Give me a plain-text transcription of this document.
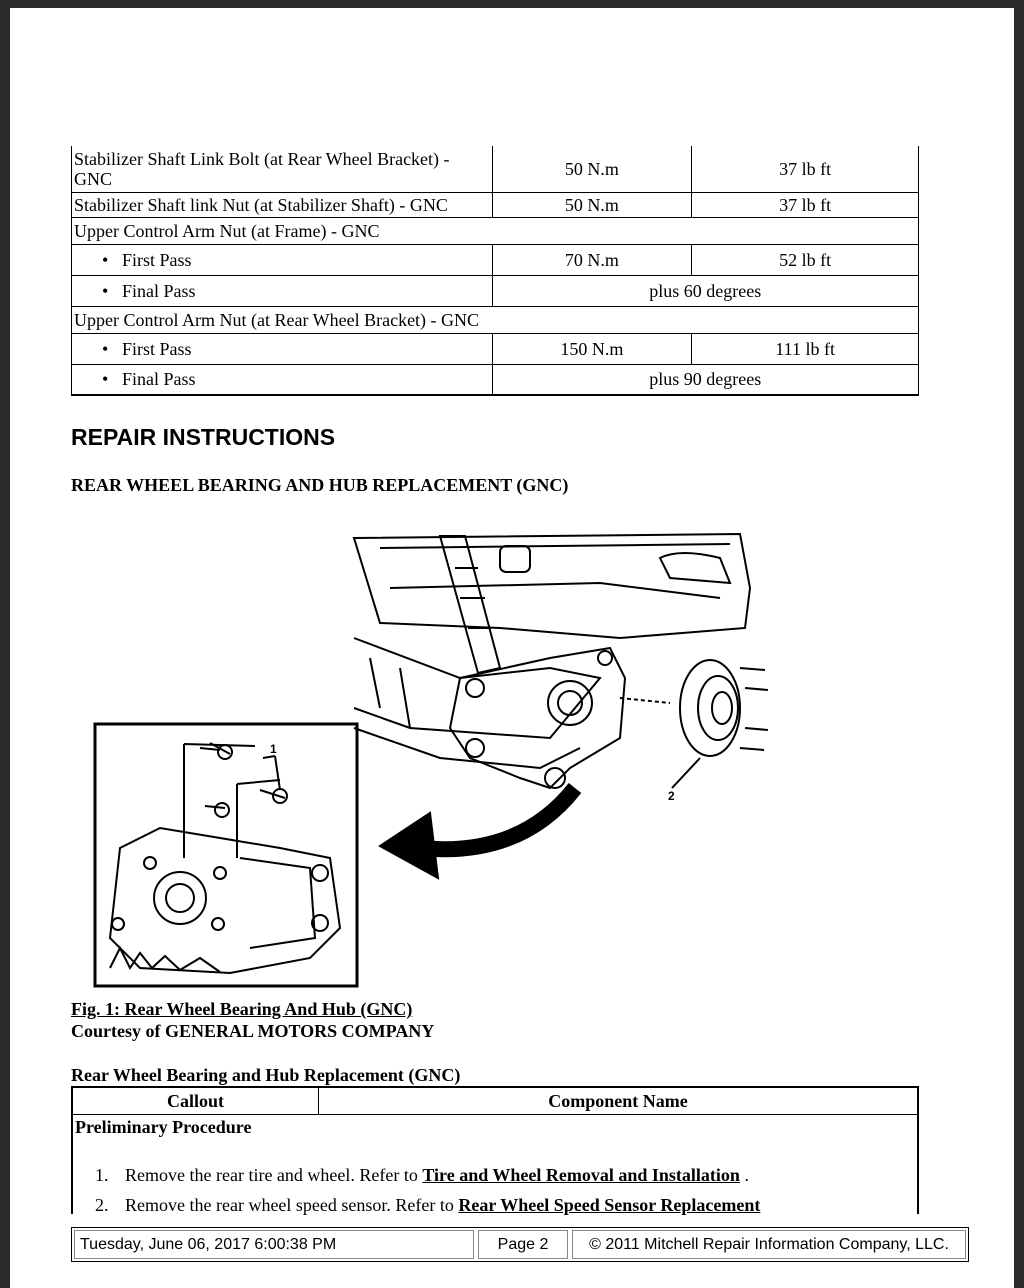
Stabilizer Shaft Link Bolt (at Rear Wheel Bracket) - GNC	50 N.m	37 lb ft
Stabilizer Shaft link Nut (at Stabilizer Shaft) - GNC	50 N.m	37 lb ft
Upper Control Arm Nut (at Frame) - GNC		
• First Pass	70 N.m	52 lb ft
• Final Pass	plus 60 degrees	
Upper Control Arm Nut (at Rear Wheel Bracket) - GNC		
• First Pass	150 N.m	111 lb ft
• Final Pass	plus 90 degrees	
REPAIR INSTRUCTIONS
REAR WHEEL BEARING AND HUB REPLACEMENT (GNC)
1
2
Fig. 1: Rear Wheel Bearing And Hub (GNC)
Courtesy of GENERAL MOTORS COMPANY
Rear Wheel Bearing and Hub Replacement (GNC)
Callout	Component Name
Preliminary Procedure
1. Remove the rear tire and wheel. Refer to Tire and Wheel Removal and Installation .
2. Remove the rear wheel speed sensor. Refer to Rear Wheel Speed Sensor Replacement
Tuesday, June 06, 2017 6:00:38 PM	Page 2	© 2011 Mitchell Repair Information Company, LLC.
